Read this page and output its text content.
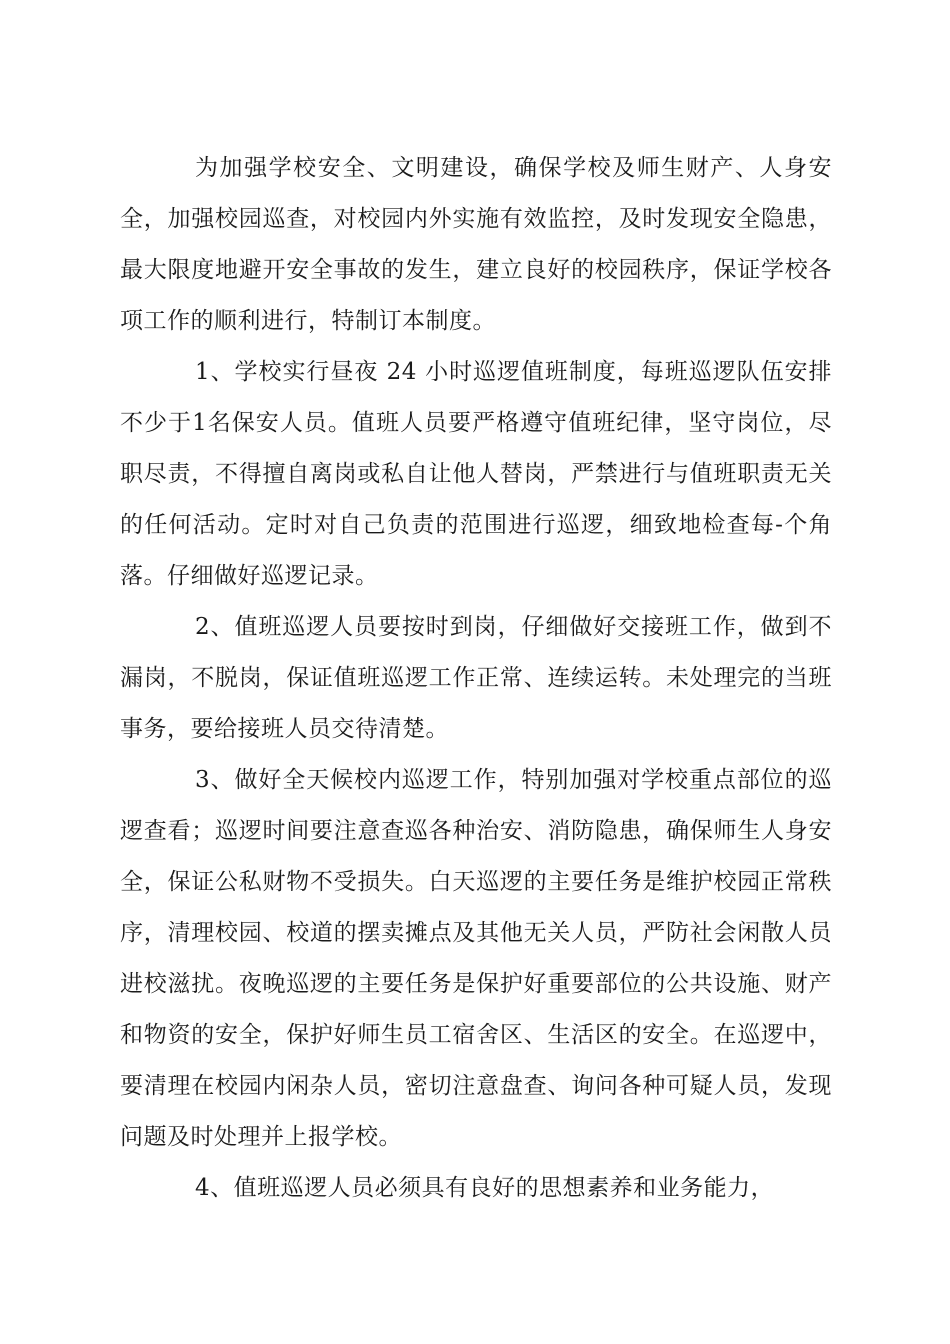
为加强学校安全、文明建设，确保学校及师生财产、人身安全，加强校园巡查，对校园内外实施有效监控，及时发现安全隐患，最大限度地避开安全事故的发生，建立良好的校园秩序，保证学校各项工作的顺利进行，特制订本制度。

1、学校实行昼夜 24 小时巡逻值班制度，每班巡逻队伍安排不少于1名保安人员。值班人员要严格遵守值班纪律，坚守岗位，尽职尽责，不得擅自离岗或私自让他人替岗，严禁进行与值班职责无关的任何活动。定时对自己负责的范围进行巡逻，细致地检查每-个角落。仔细做好巡逻记录。

2、值班巡逻人员要按时到岗，仔细做好交接班工作，做到不漏岗，不脱岗，保证值班巡逻工作正常、连续运转。未处理完的当班事务，要给接班人员交待清楚。

3、做好全天候校内巡逻工作，特别加强对学校重点部位的巡逻查看；巡逻时间要注意查巡各种治安、消防隐患，确保师生人身安全，保证公私财物不受损失。白天巡逻的主要任务是维护校园正常秩序，清理校园、校道的摆卖摊点及其他无关人员，严防社会闲散人员进校滋扰。夜晚巡逻的主要任务是保护好重要部位的公共设施、财产和物资的安全，保护好师生员工宿舍区、生活区的安全。在巡逻中，要清理在校园内闲杂人员，密切注意盘查、询问各种可疑人员，发现问题及时处理并上报学校。

4、值班巡逻人员必须具有良好的思想素养和业务能力，
